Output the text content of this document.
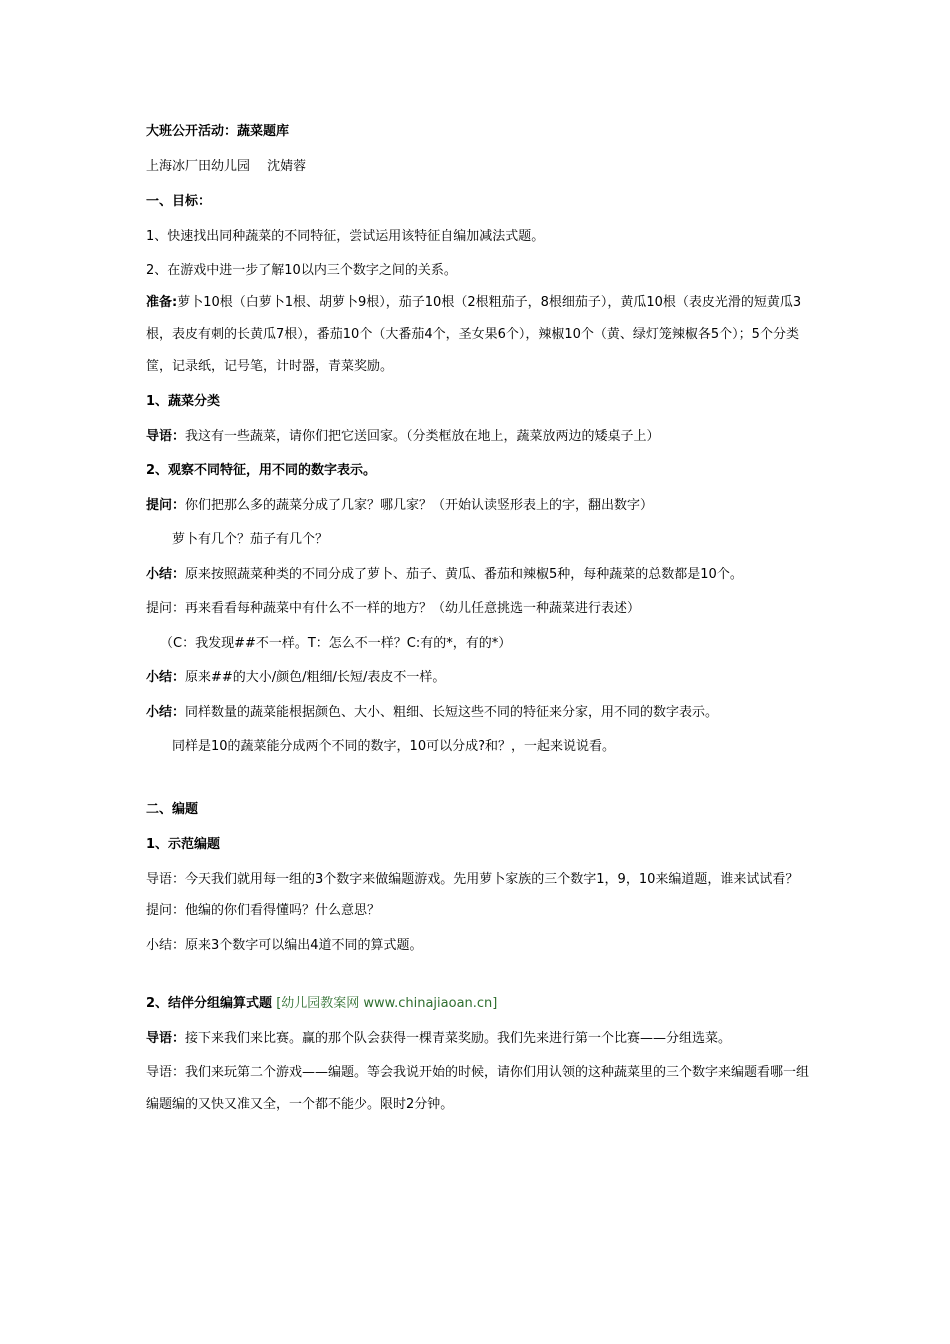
大班公开活动：蔬菜题库
上海冰厂田幼儿园　 沈婧蓉
一、目标：
1、快速找出同种蔬菜的不同特征，尝试运用该特征自编加减法式题。
2、在游戏中进一步了解10以内三个数字之间的关系。
准备:萝卜10根（白萝卜1根、胡萝卜9根），茄子10根（2根粗茄子，8根细茄子），黄瓜10根（表皮光滑的短黄瓜3根，表皮有刺的长黄瓜7根），番茄10个（大番茄4个，圣女果6个），辣椒10个（黄、绿灯笼辣椒各5个）；5个分类筐，记录纸，记号笔，计时器，青菜奖励。
1、蔬菜分类
导语：我这有一些蔬菜，请你们把它送回家。（分类框放在地上，蔬菜放两边的矮桌子上）
2、观察不同特征，用不同的数字表示。
提问：你们把那么多的蔬菜分成了几家？哪几家？（开始认读竖形表上的字，翻出数字）
萝卜有几个？茄子有几个？
小结：原来按照蔬菜种类的不同分成了萝卜、茄子、黄瓜、番茄和辣椒5种，每种蔬菜的总数都是10个。
提问：再来看看每种蔬菜中有什么不一样的地方？（幼儿任意挑选一种蔬菜进行表述）
（C：我发现##不一样。T：怎么不一样？C:有的*，有的*）
小结：原来##的大小/颜色/粗细/长短/表皮不一样。
小结：同样数量的蔬菜能根据颜色、大小、粗细、长短这些不同的特征来分家，用不同的数字表示。
同样是10的蔬菜能分成两个不同的数字，10可以分成?和？，一起来说说看。
二、编题
1、示范编题
导语：今天我们就用每一组的3个数字来做编题游戏。先用萝卜家族的三个数字1，9，10来编道题，谁来试试看？
提问：他编的你们看得懂吗？什么意思？
小结：原来3个数字可以编出4道不同的算式题。
2、结伴分组编算式题 [幼儿园教案网 www.chinajiaoan.cn]
导语：接下来我们来比赛。赢的那个队会获得一棵青菜奖励。我们先来进行第一个比赛——分组选菜。
导语：我们来玩第二个游戏——编题。等会我说开始的时候，请你们用认领的这种蔬菜里的三个数字来编题看哪一组编题编的又快又准又全，一个都不能少。限时2分钟。
